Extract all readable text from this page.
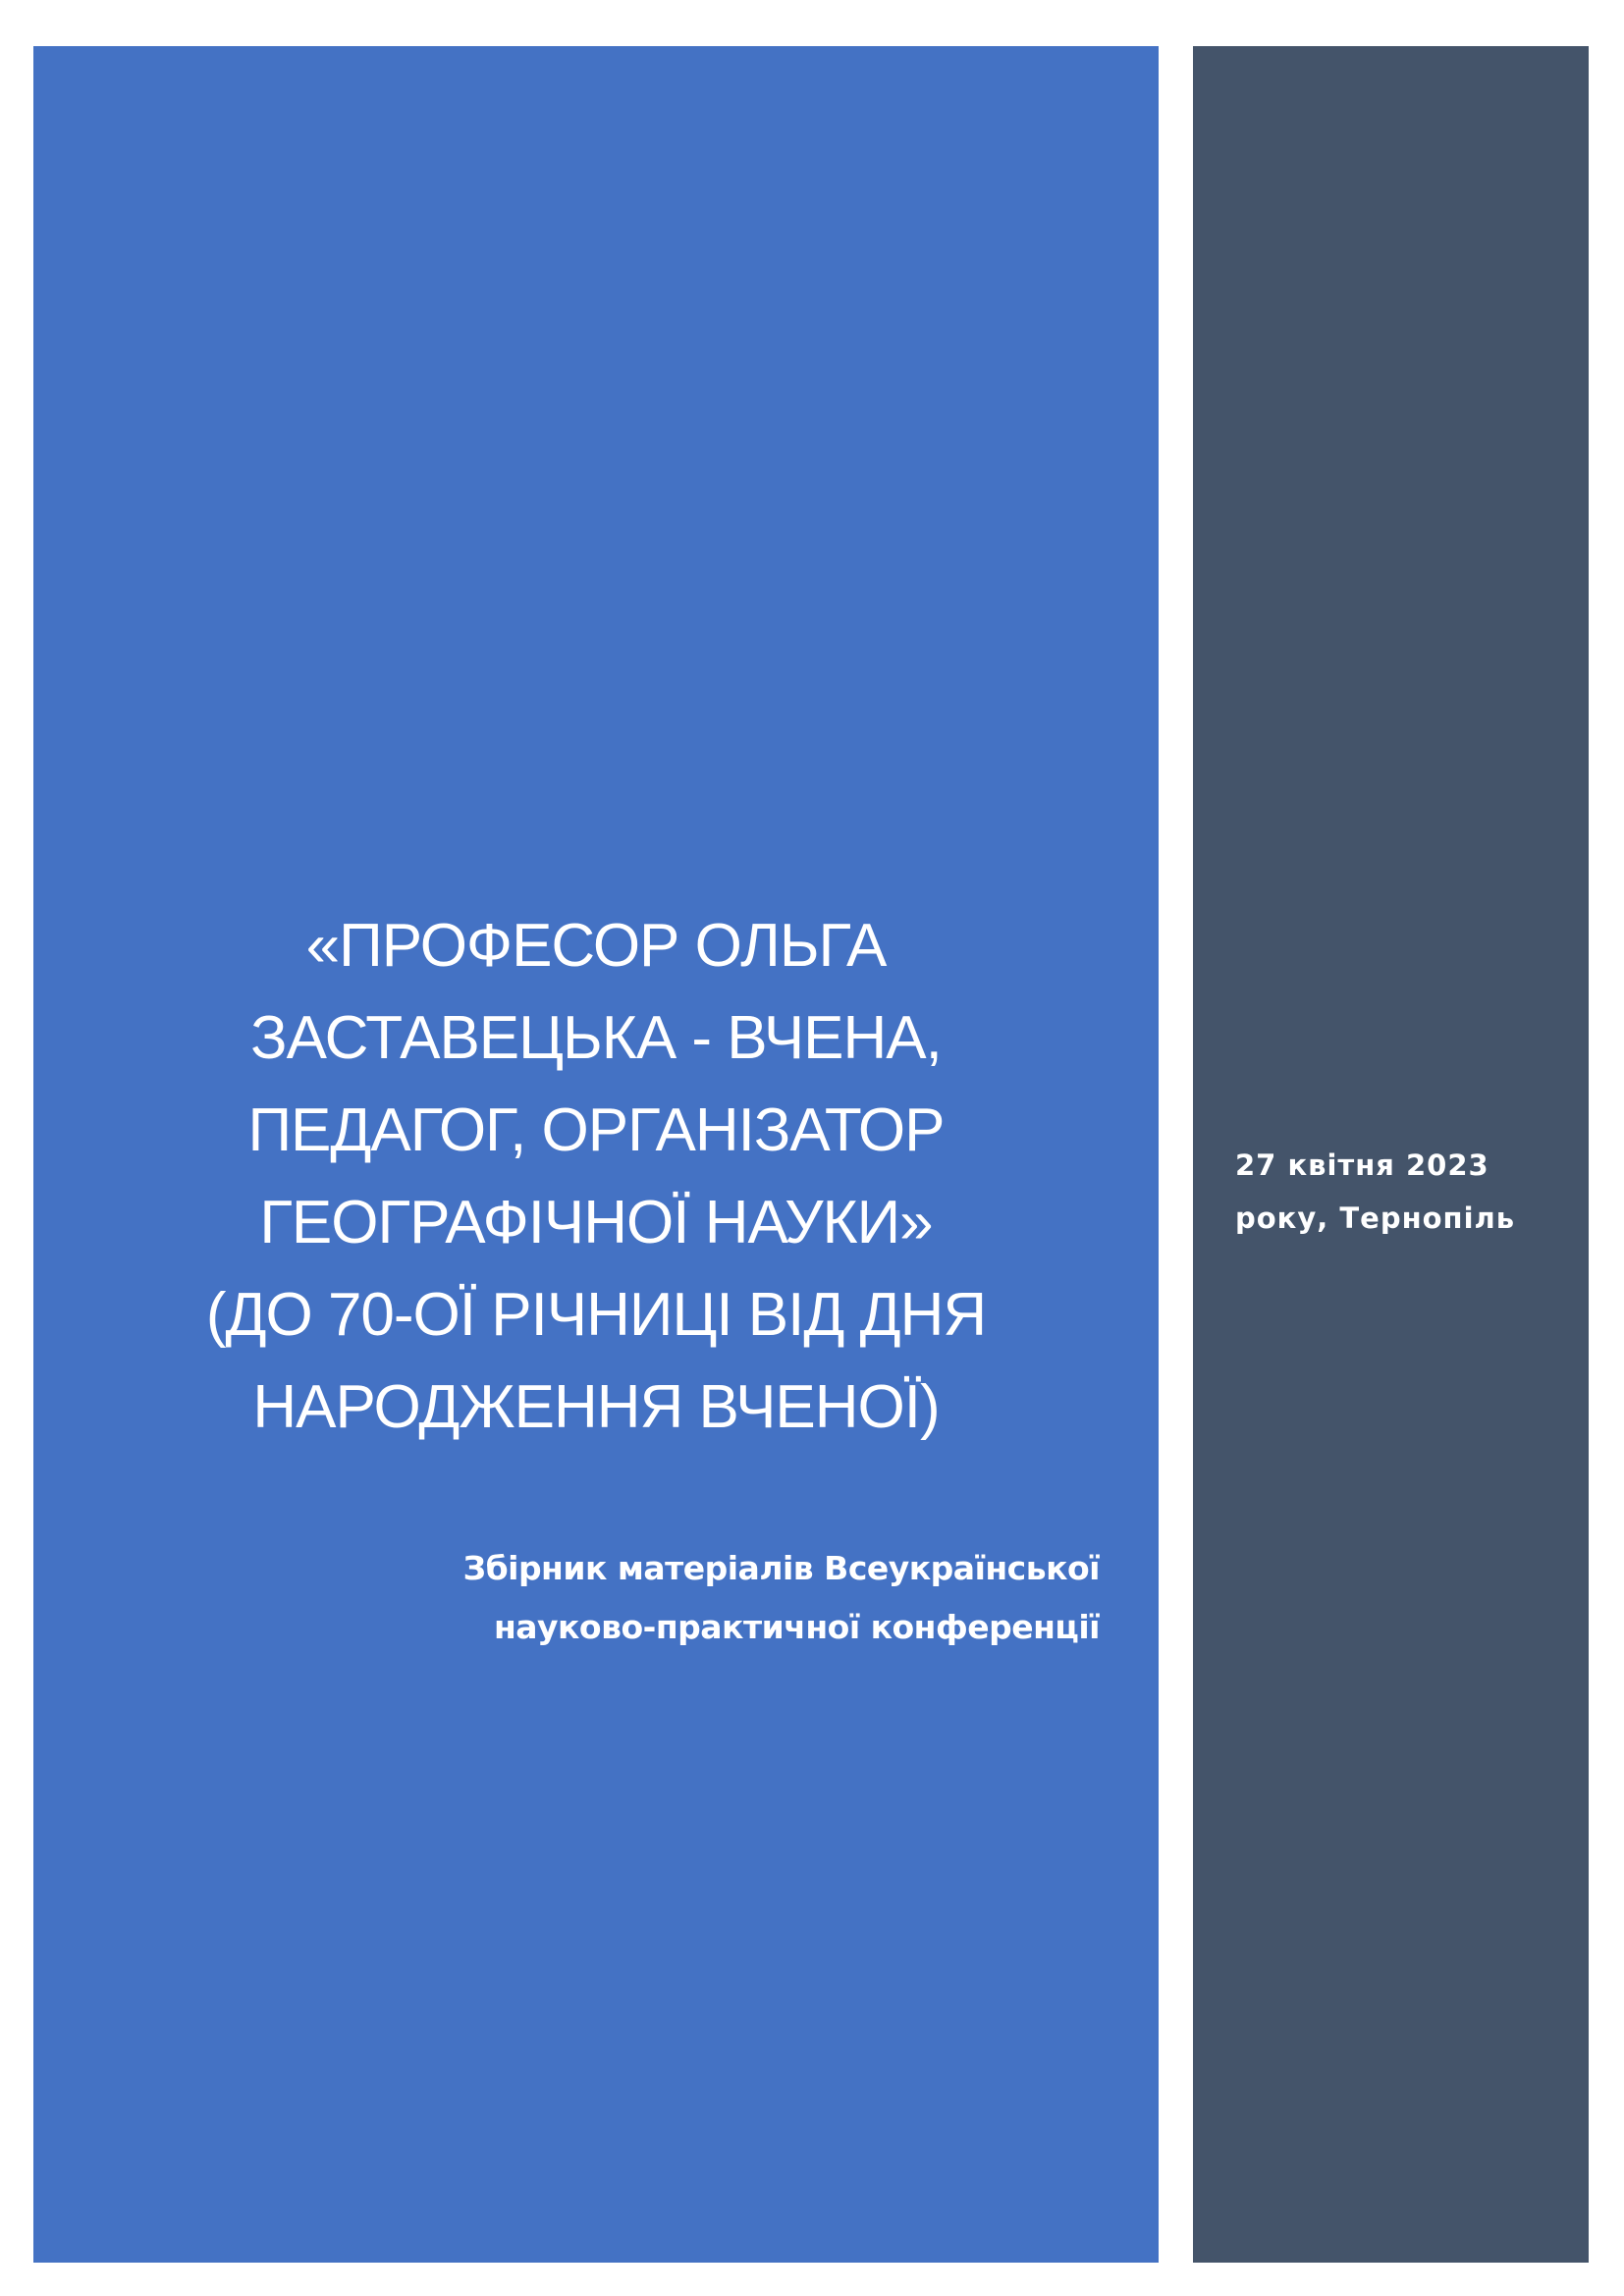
«ПРОФЕСОР ОЛЬГА
ЗАСТАВЕЦЬКА - ВЧЕНА,
ПЕДАГОГ, ОРГАНІЗАТОР
ГЕОГРАФІЧНОЇ НАУКИ»
(ДО 70-ОЇ РІЧНИЦІ ВІД ДНЯ
НАРОДЖЕННЯ ВЧЕНОЇ)

Збірник матеріалів Всеукраїнської
науково-практичної конференції

27 квітня 2023
року, Тернопіль
